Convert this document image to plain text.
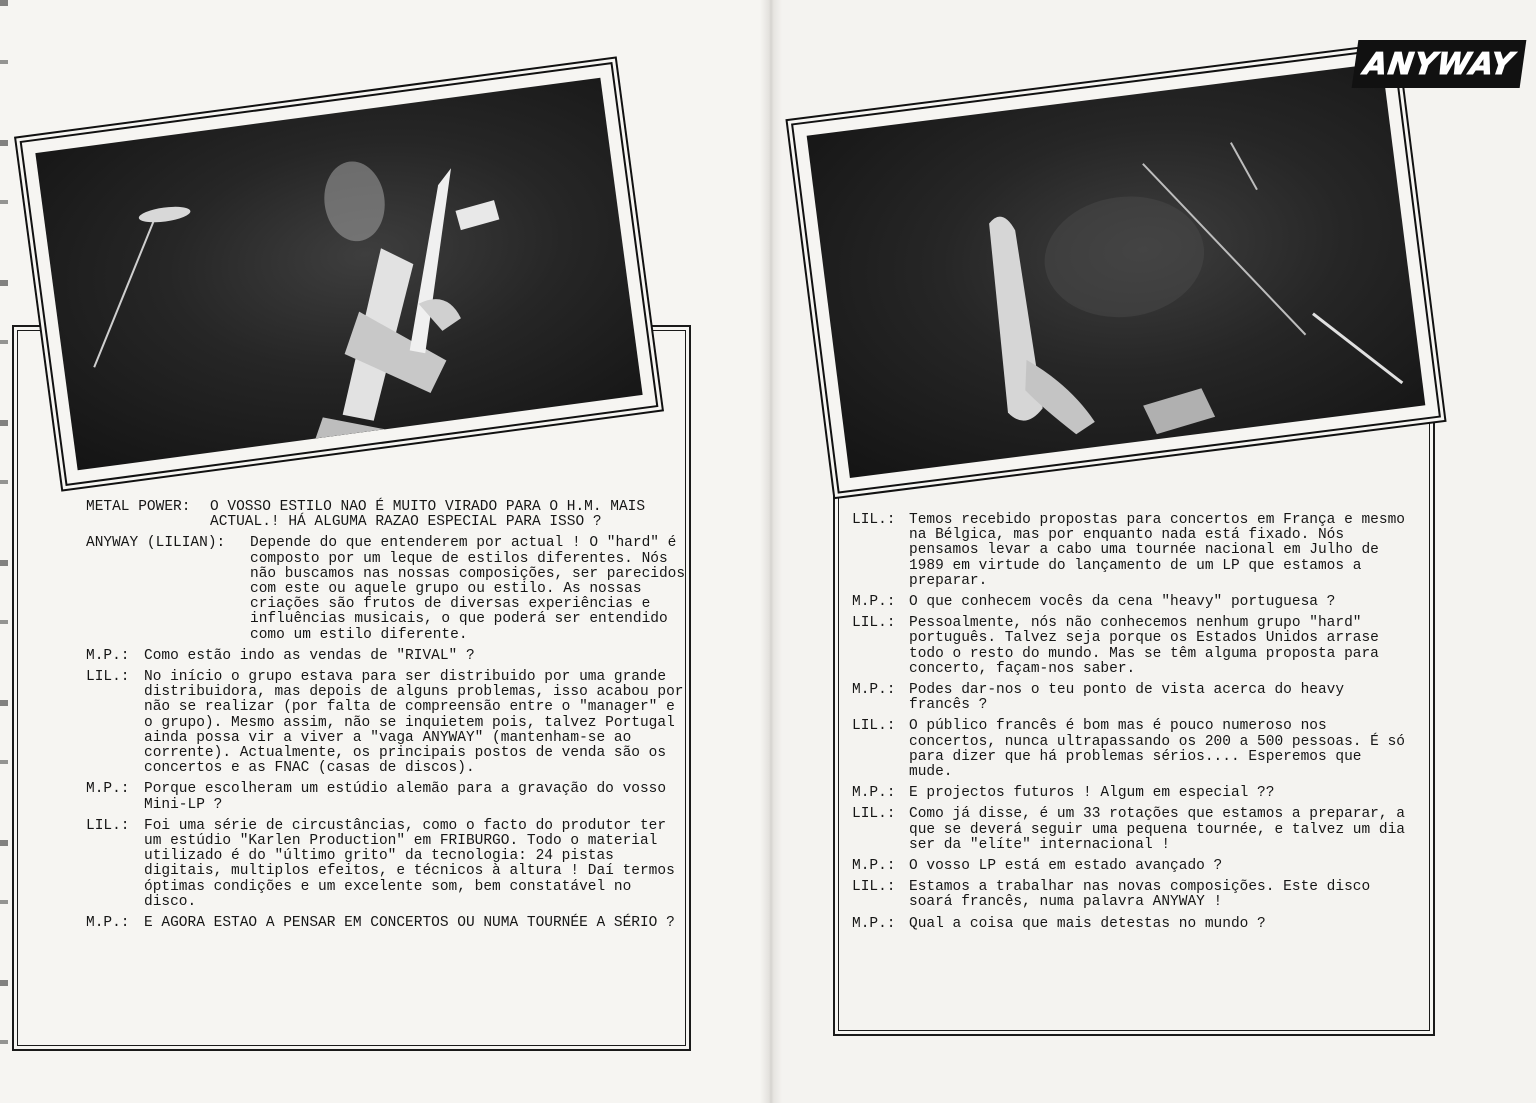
METAL POWER:	O VOSSO ESTILO NAO É MUITO VIRADO PARA O H.M. MAIS ACTUAL.! HÁ ALGUMA RAZAO ESPECIAL PARA ISSO ?
ANYWAY (LILIAN):	Depende do que entenderem por actual ! O "hard" é composto por um leque de estilos diferentes. Nós não buscamos nas nossas composições, ser parecidos com este ou aquele grupo ou estilo. As nossas criações são frutos de diversas experiências e influências musicais, o que poderá ser entendido como um estilo diferente.
M.P.: Como estão indo as vendas de "RIVAL" ?
LIL.: No início o grupo estava para ser distribuido por uma grande distribuidora, mas depois de alguns problemas, isso acabou por não se realizar (por falta de compreensão entre o "manager" e o grupo). Mesmo assim, não se inquietem pois, talvez Portugal ainda possa vir a viver a "vaga ANYWAY" (mantenham-se ao corrente). Actualmente, os principais postos de venda são os concertos e as FNAC (casas de discos).
M.P.: Porque escolheram um estúdio alemão para a gravação do vosso Mini-LP ?
LIL.: Foi uma série de circustâncias, como o facto do produtor ter um estúdio "Karlen Production" em FRIBURGO. Todo o material utilizado é do "último grito" da tecnologia: 24 pistas digitais, multiplos efeitos, e técnicos à altura ! Daí termos óptimas condições e um excelente som, bem constatável no disco.
M.P.: E AGORA ESTAO A PENSAR EM CONCERTOS OU NUMA TOURNÉE A SÉRIO ?
ANYWAY
LIL.: Temos recebido propostas para concertos em França e mesmo na Bélgica, mas por enquanto nada está fixado. Nós pensamos levar a cabo uma tournée nacional em Julho de 1989 em virtude do lançamento de um LP que estamos a preparar.
M.P.: O que conhecem vocês da cena "heavy" portuguesa ?
LIL.: Pessoalmente, nós não conhecemos nenhum grupo "hard" português. Talvez seja porque os Estados Unidos arrase todo o resto do mundo. Mas se têm alguma proposta para concerto, façam-nos saber.
M.P.: Podes dar-nos o teu ponto de vista acerca do heavy francês ?
LIL.: O público francês é bom mas é pouco numeroso nos concertos, nunca ultrapassando os 200 a 500 pessoas. É só para dizer que há problemas sérios.... Esperemos que mude.
M.P.: E projectos futuros ! Algum em especial ??
LIL.: Como já disse, é um 33 rotações que estamos a preparar, a que se deverá seguir uma pequena tournée, e talvez um dia ser da "elíte" internacional !
M.P.: O vosso LP está em estado avançado ?
LIL.: Estamos a trabalhar nas novas composições. Este disco soará francês, numa palavra ANYWAY !
M.P.: Qual a coisa que mais detestas no mundo ?
